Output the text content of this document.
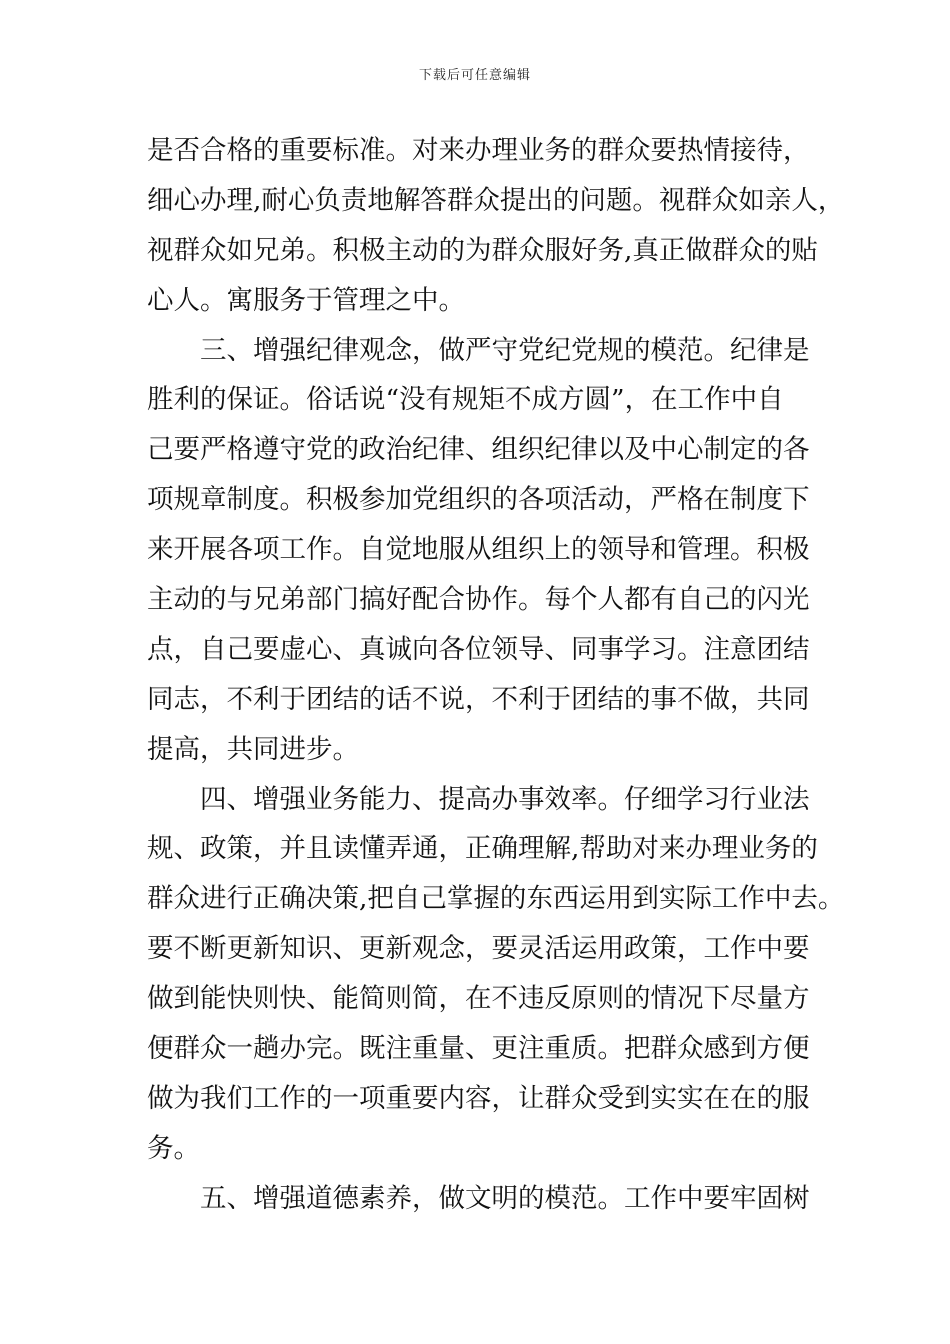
下载后可任意编辑
是否合格的重要标准。对来办理业务的群众要热情接待，
细心办理,耐心负责地解答群众提出的问题。视群众如亲人，
视群众如兄弟。积极主动的为群众服好务,真正做群众的贴
心人。寓服务于管理之中。
　　三、增强纪律观念，做严守党纪党规的模范。纪律是
胜利的保证。俗话说“没有规矩不成方圆”，在工作中自
己要严格遵守党的政治纪律、组织纪律以及中心制定的各
项规章制度。积极参加党组织的各项活动，严格在制度下
来开展各项工作。自觉地服从组织上的领导和管理。积极
主动的与兄弟部门搞好配合协作。每个人都有自己的闪光
点，自己要虚心、真诚向各位领导、同事学习。注意团结
同志，不利于团结的话不说，不利于团结的事不做，共同
提高，共同进步。
　　四、增强业务能力、提高办事效率。仔细学习行业法
规、政策，并且读懂弄通，正确理解,帮助对来办理业务的
群众进行正确决策,把自己掌握的东西运用到实际工作中去。
要不断更新知识、更新观念，要灵活运用政策，工作中要
做到能快则快、能简则简，在不违反原则的情况下尽量方
便群众一趟办完。既注重量、更注重质。把群众感到方便
做为我们工作的一项重要内容，让群众受到实实在在的服
务。
　　五、增强道德素养，做文明的模范。工作中要牢固树
